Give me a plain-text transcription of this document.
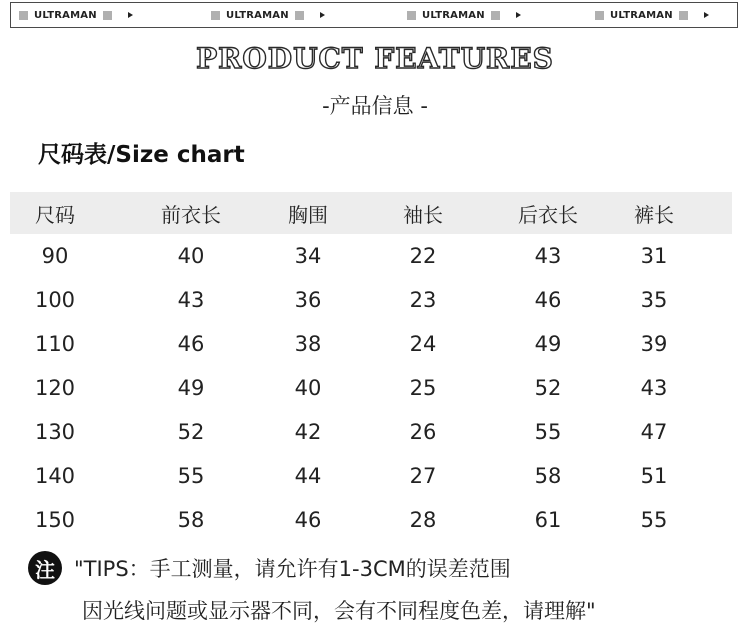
ULTRAMAN	ULTRAMAN	ULTRAMAN	ULTRAMAN
PRODUCT FEATURES
-产品信息 -
尺码表/Size chart
尺码	前衣长	胸围	袖长	后衣长	裤长
90	40	34	22	43	31
100	43	36	23	46	35
110	46	38	24	49	39
120	49	40	25	52	43
130	52	42	26	55	47
140	55	44	27	58	51
150	58	46	28	61	55
注 "TIPS：手工测量，请允许有1-3CM的误差范围
因光线问题或显示器不同，会有不同程度色差，请理解"
